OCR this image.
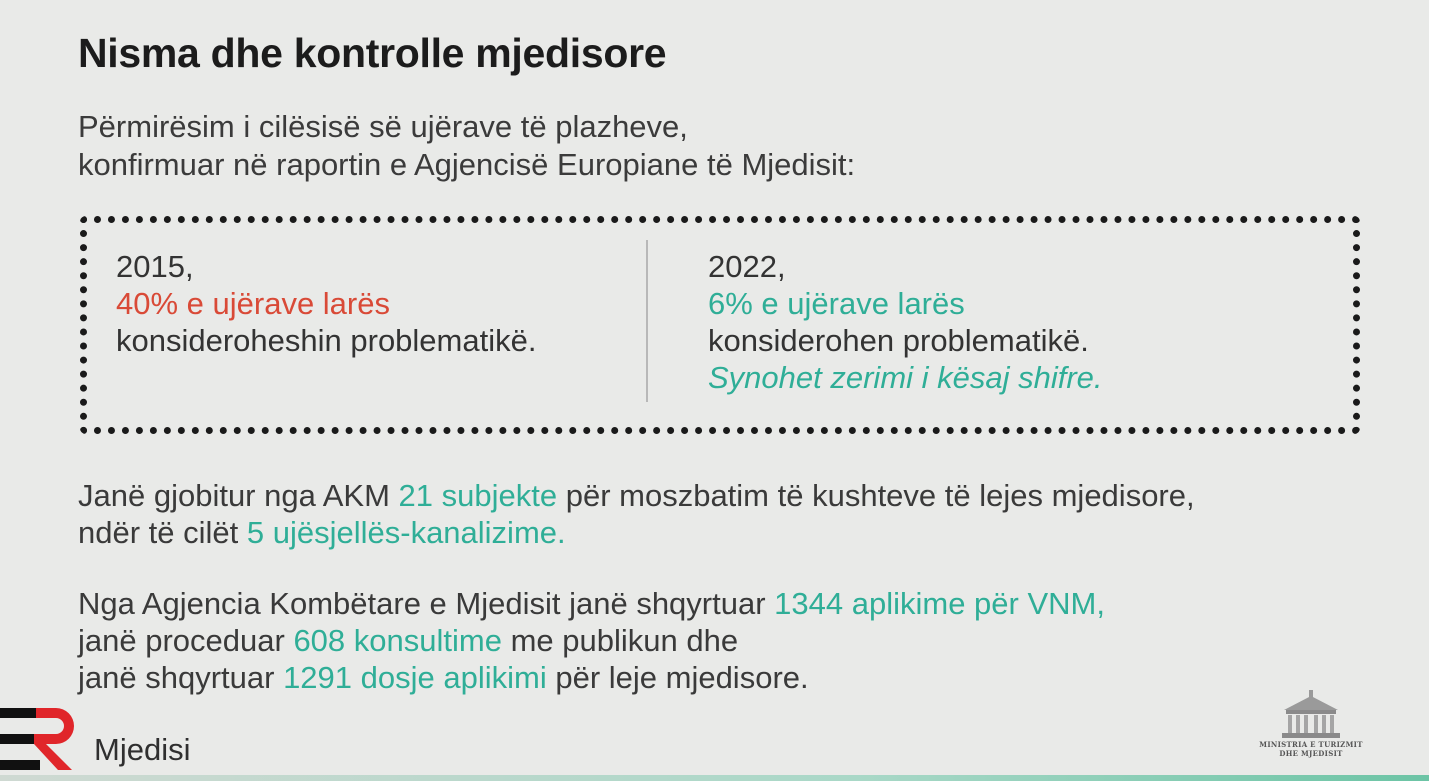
Nisma dhe kontrolle mjedisore
Përmirësim i cilësisë së ujërave të plazheve,
konfirmuar në raportin e Agjencisë Europiane të Mjedisit:
2015,
40% e ujërave larës
konsideroheshin problematikë.
2022,
6% e ujërave larës
konsiderohen problematikë.
Synohet zerimi i kësaj shifre.
Janë gjobitur nga AKM 21 subjekte për moszbatim të kushteve të lejes mjedisore,
ndër të cilët 5 ujësjellës-kanalizime.
Nga Agjencia Kombëtare e Mjedisit janë shqyrtuar 1344 aplikime për VNM,
janë proceduar 608 konsultime me publikun dhe
janë shqyrtuar 1291 dosje aplikimi për leje mjedisore.
Mjedisi	MINISTRIA E TURIZMIT
DHE MJEDISIT
